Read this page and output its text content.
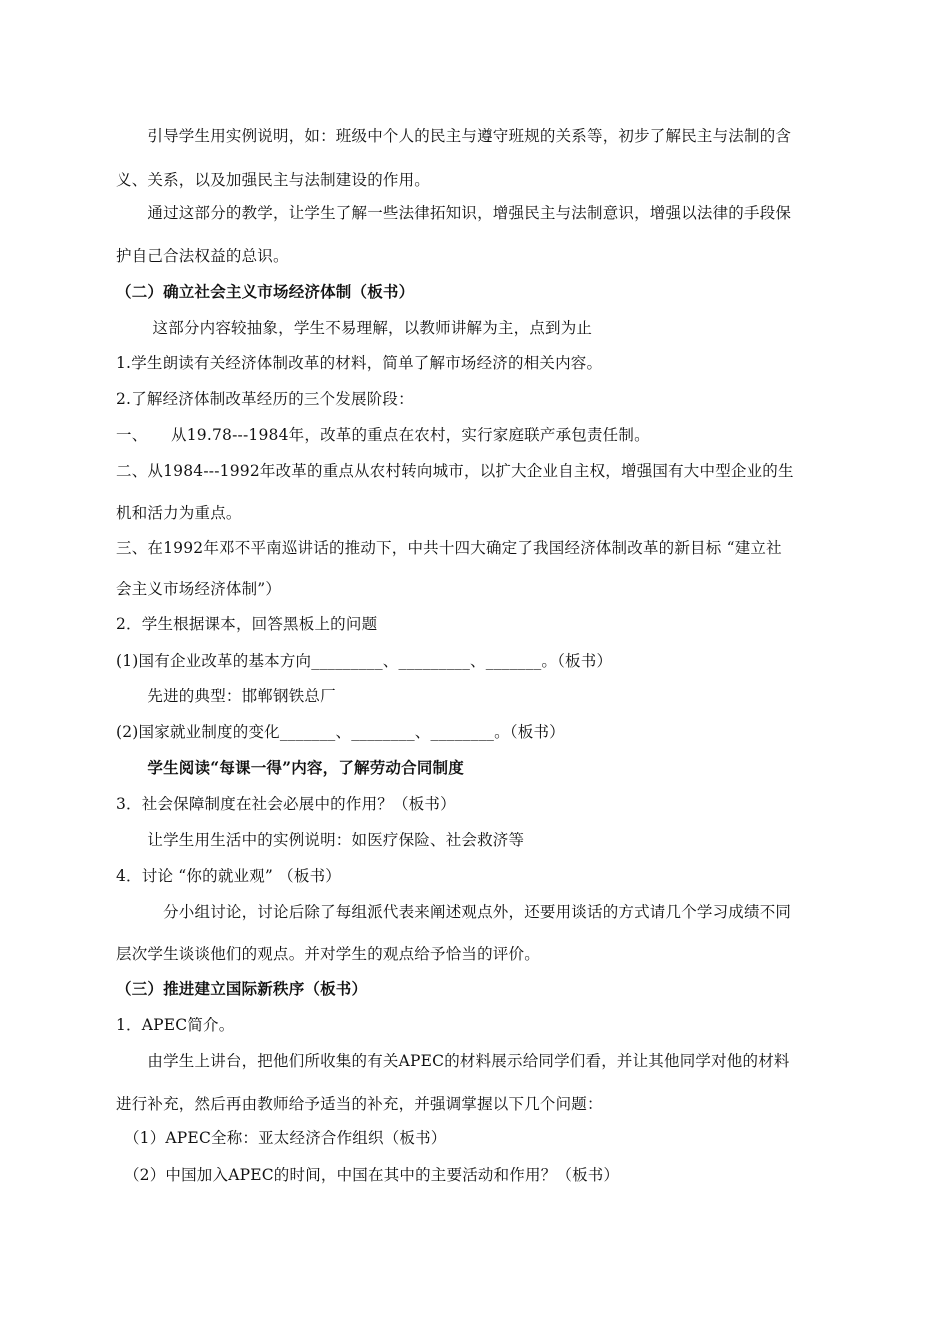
　　引导学生用实例说明，如：班级中个人的民主与遵守班规的关系等，初步了解民主与法制的含
义、关系，以及加强民主与法制建设的作用。
　　通过这部分的教学，让学生了解一些法律拓知识，增强民主与法制意识，增强以法律的手段保
护自己合法权益的总识。
（二）确立社会主义市场经济体制（板书）
　　 这部分内容较抽象，学生不易理解，以教师讲解为主，点到为止
1.学生朗读有关经济体制改革的材料，简单了解市场经济的相关内容。
2.了解经济体制改革经历的三个发展阶段：
一、　　从19.78---1984年，改革的重点在农村，实行家庭联产承包责任制。
二、从1984---1992年改革的重点从农村转向城市，以扩大企业自主权，增强国有大中型企业的生
机和活力为重点。
三、在1992年邓不平南巡讲话的推动下，中共十四大确定了我国经济体制改革的新目标 “建立社
会主义市场经济体制”）
2．学生根据课本，回答黑板上的问题
(1)国有企业改革的基本方向_________、_________、_______。（板书）
　　先进的典型：邯郸钢铁总厂
(2)国家就业制度的变化_______、________、________。（板书）
　　学生阅读“每课一得”内容，了解劳动合同制度
3．社会保障制度在社会必展中的作用？（板书）
　　让学生用生活中的实例说明：如医疗保险、社会救济等
4．讨论 “你的就业观” （板书）
　　　分小组讨论，讨论后除了每组派代表来阐述观点外，还要用谈话的方式请几个学习成绩不同
层次学生谈谈他们的观点。并对学生的观点给予恰当的评价。
（三）推进建立国际新秩序（板书）
1．APEC简介。
　　由学生上讲台，把他们所收集的有关APEC的材料展示给同学们看，并让其他同学对他的材料
进行补充，然后再由教师给予适当的补充，并强调掌握以下几个问题：
　（1）APEC全称：亚太经济合作组织（板书）
　（2）中国加入APEC的时间，中国在其中的主要活动和作用？（板书）
